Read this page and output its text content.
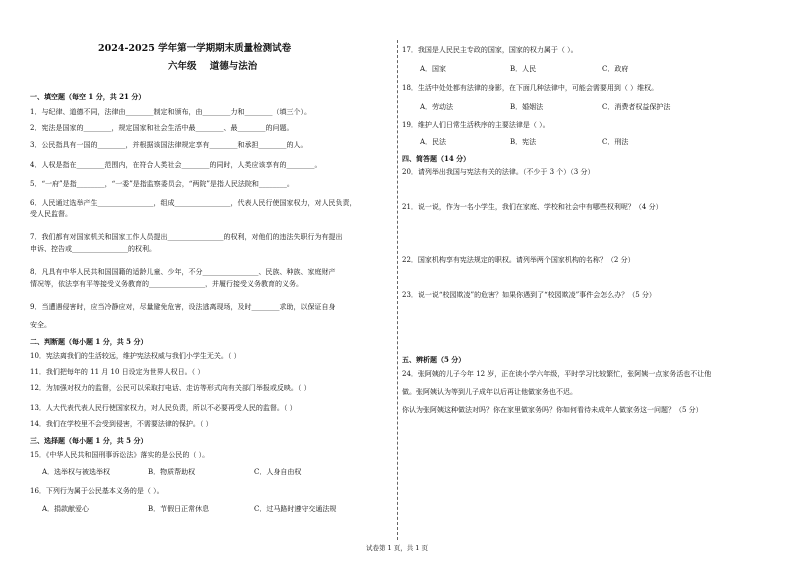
2024-2025 学年第一学期期末质量检测试卷
六年级 道德与法治
一、填空题（每空 1 分，共 21 分）
1．与纪律、道德不同，法律由________制定和颁布，由________力和________（填三个）。
2．宪法是国家的________，规定国家和社会生活中最________、最________的问题。
3．公民指具有一国的________，并根据该国法律规定享有________和承担________的人。
4．人权是指在________范围内，在符合人类社会________的同时，人类应该享有的________。
5．“一府”是指________，“一委”是指监察委员会，“两院”是指人民法院和________。
6．人民通过选举产生________________，组成________________，代表人民行使国家权力，对人民负责，
受人民监督。
7．我们都有对国家机关和国家工作人员提出________________的权利，对他们的违法失职行为有提出
申诉、控告或________________的权利。
8．凡具有中华人民共和国国籍的适龄儿童、少年，不分________________、民族、种族、家庭财产
情况等，依法享有平等接受义务教育的________________，并履行接受义务教育的义务。
9．当遭遇侵害时，应当冷静应对，尽量避免危害，设法逃离现场，及时________求助，以保证自身
安全。
二、判断题（每小题 1 分，共 5 分）
10．宪法离我们的生活较远，维护宪法权威与我们小学生无关。（ ）
11．我们把每年的 11 月 10 日设定为世界人权日。（ ）
12．为加强对权力的监督，公民可以采取打电话、走访等形式向有关部门举报或反映。（ ）
13．人大代表代表人民行使国家权力，对人民负责，所以不必要再受人民的监督。（ ）
14．我们在学校里不会受到侵害，不需要法律的保护。（ ）
三、选择题（每小题 1 分，共 5 分）
15．《中华人民共和国刑事诉讼法》落实的是公民的（ ）。
A．选举权与被选举权	B．物质帮助权	C．人身自由权
16．下列行为属于公民基本义务的是（ ）。
A．捐款献爱心	B．节假日正常休息	C．过马路时遵守交通法规
17．我国是人民民主专政的国家，国家的权力属于（ ）。
A．国家	B．人民	C．政府
18．生活中处处都有法律的身影，在下面几种法律中，可能会需要用到（ ）维权。
A．劳动法	B．婚姻法	C．消费者权益保护法
19．维护人们日常生活秩序的主要法律是（ ）。
A．民法	B．宪法	C．刑法
四、简答题（14 分）
20．请列举出我国与宪法有关的法律。（不少于 3 个）（3 分）
21．说一说，作为一名小学生，我们在家庭、学校和社会中有哪些权利呢？（4 分）
22．国家机构享有宪法规定的职权。请列举两个国家机构的名称？（2 分）
23．说一说“校园欺凌”的危害？如果你遇到了“校园欺凌”事件会怎么办？（5 分）
五、辨析题（5 分）
24．张阿姨的儿子今年 12 岁，正在读小学六年级，平时学习比较繁忙，张阿姨一点家务活也不让他
做。张阿姨认为等到儿子成年以后再让他做家务也不迟。
你认为张阿姨这种做法对吗？你在家里做家务吗？你如何看待未成年人做家务这一问题？（5 分）
试卷第 1 页，共 1 页
